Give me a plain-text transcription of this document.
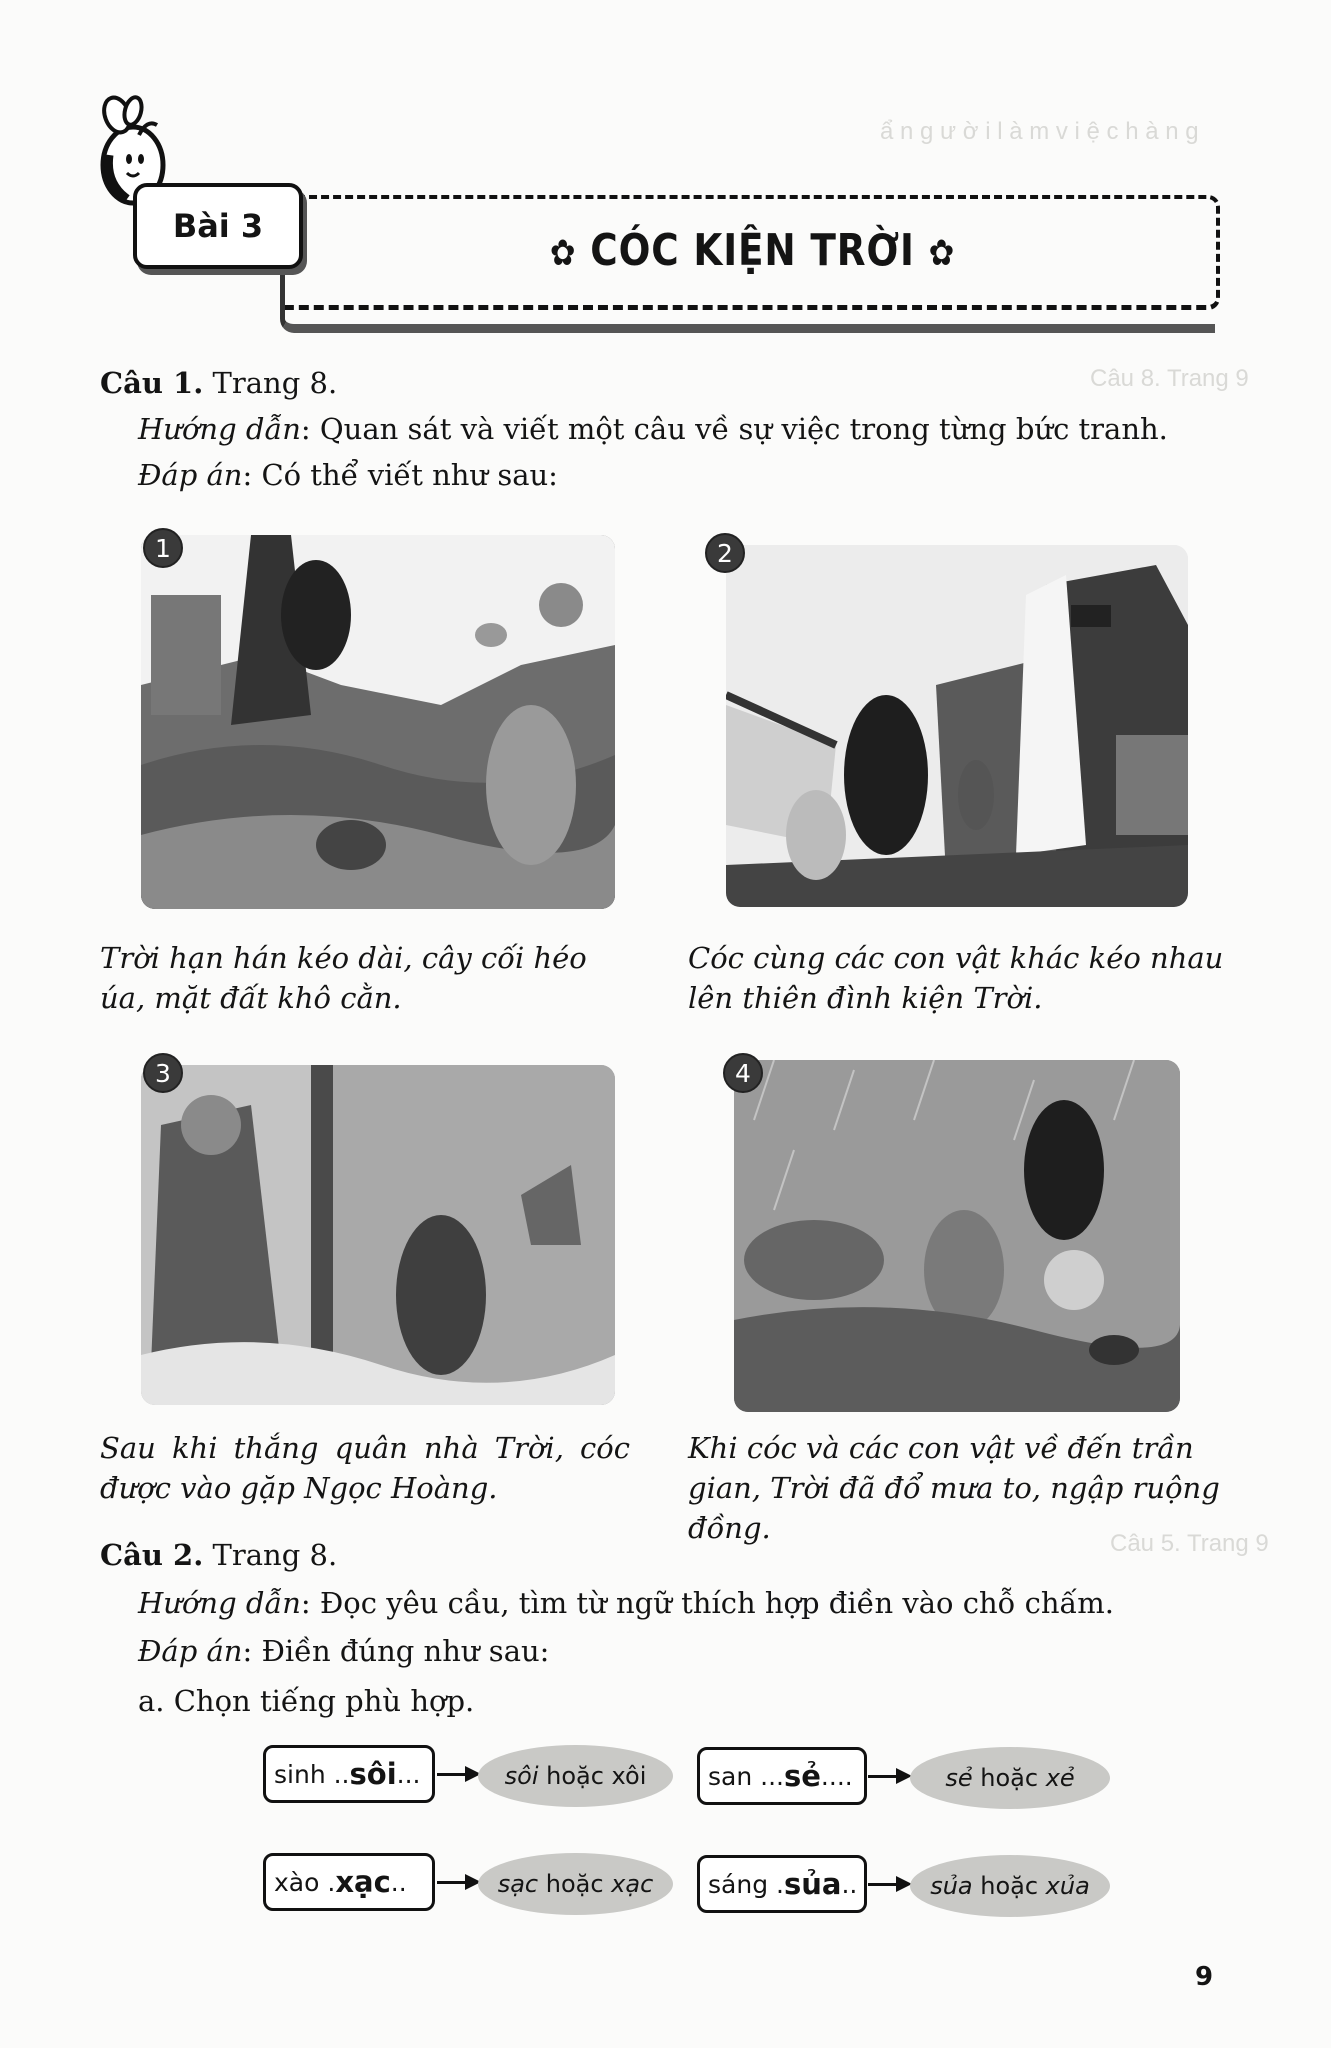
ẩ n g ư ờ i l à m v i ệ c h à n g
Câu 8. Trang 9
Câu 5. Trang 9
Bài 3
✿ CÓC KIỆN TRỜI ✿
Câu 1. Trang 8.
Hướng dẫn: Quan sát và viết một câu về sự việc trong từng bức tranh.
Đáp án: Có thể viết như sau:
1	2
Trời hạn hán kéo dài, cây cối héo úa, mặt đất khô cằn.
Cóc cùng các con vật khác kéo nhau lên thiên đình kiện Trời.
3	4
Sau khi thắng quân nhà Trời, cóc được vào gặp Ngọc Hoàng.
Khi cóc và các con vật về đến trần gian, Trời đã đổ mưa to, ngập ruộng đồng.
Câu 2. Trang 8.
Hướng dẫn: Đọc yêu cầu, tìm từ ngữ thích hợp điền vào chỗ chấm.
Đáp án: Điền đúng như sau:
a. Chọn tiếng phù hợp.
sinh .. sôi ...	sôi hoặc xôi san ... sẻ ....	sẻ hoặc xẻ
xào . xạc ..	sạc hoặc xạc sáng . sủa ..	sủa hoặc xủa
9
